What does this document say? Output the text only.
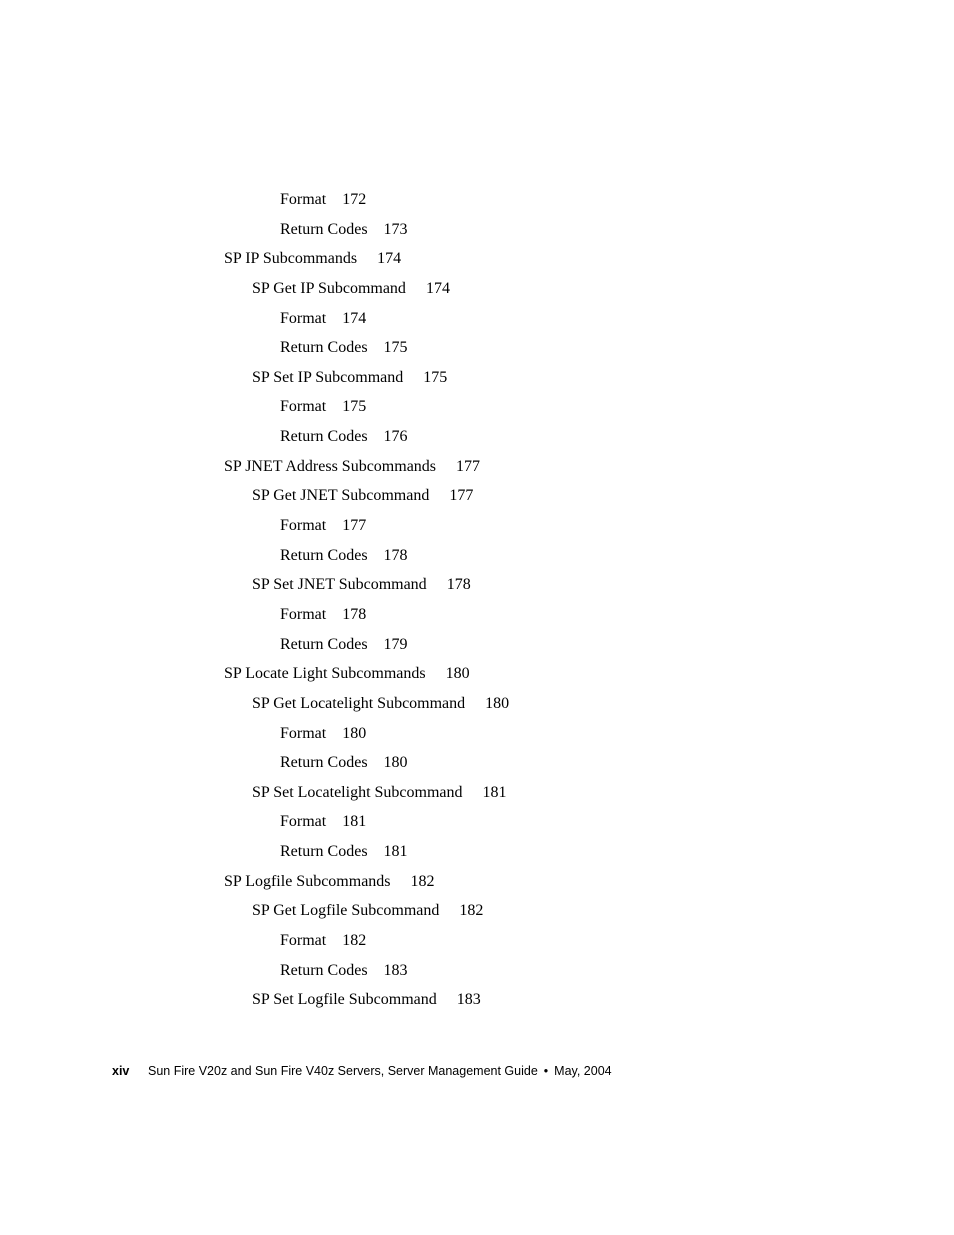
Format 172
Return Codes 173
SP IP Subcommands 174
SP Get IP Subcommand 174
Format 174
Return Codes 175
SP Set IP Subcommand 175
Format 175
Return Codes 176
SP JNET Address Subcommands 177
SP Get JNET Subcommand 177
Format 177
Return Codes 178
SP Set JNET Subcommand 178
Format 178
Return Codes 179
SP Locate Light Subcommands 180
SP Get Locatelight Subcommand 180
Format 180
Return Codes 180
SP Set Locatelight Subcommand 181
Format 181
Return Codes 181
SP Logfile Subcommands 182
SP Get Logfile Subcommand 182
Format 182
Return Codes 183
SP Set Logfile Subcommand 183
xiv Sun Fire V20z and Sun Fire V40z Servers, Server Management Guide • May, 2004
